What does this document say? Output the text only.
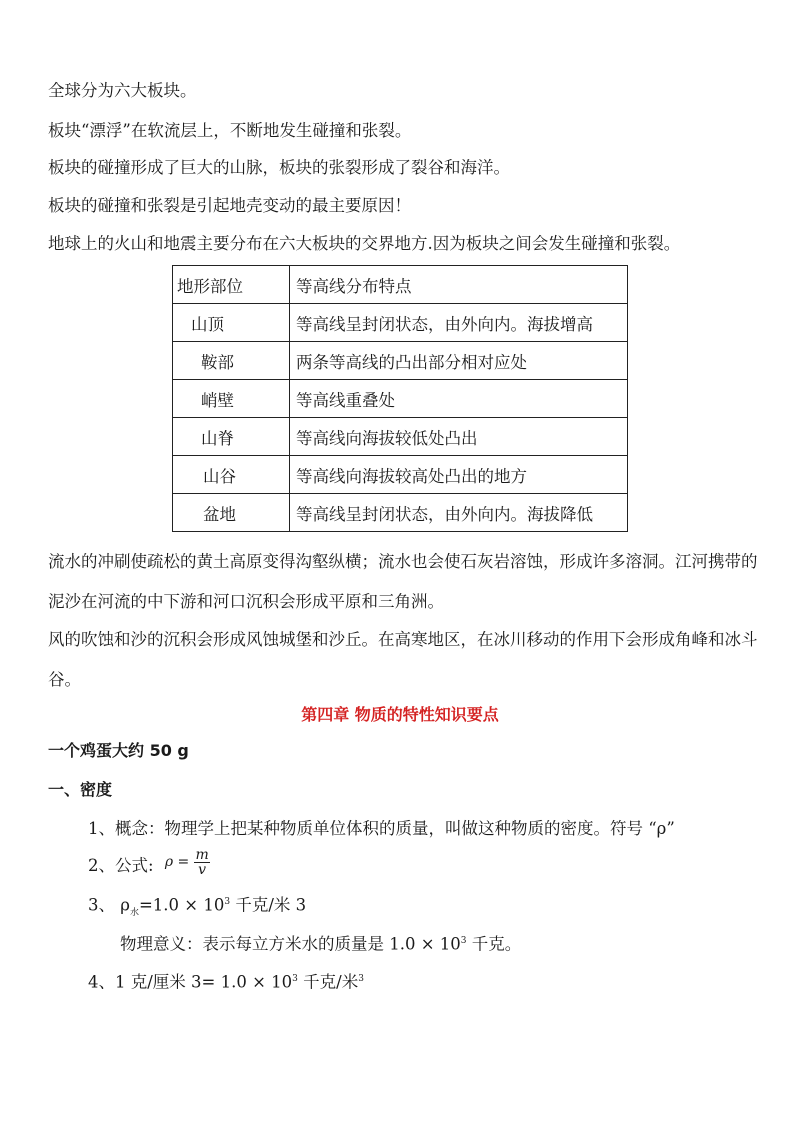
全球分为六大板块。
板块“漂浮”在软流层上，不断地发生碰撞和张裂。
板块的碰撞形成了巨大的山脉，板块的张裂形成了裂谷和海洋。
板块的碰撞和张裂是引起地壳变动的最主要原因！
地球上的火山和地震主要分布在六大板块的交界地方.因为板块之间会发生碰撞和张裂。
地形部位	等高线分布特点
山顶	等高线呈封闭状态，由外向内。海拔增高
鞍部	两条等高线的凸出部分相对应处
峭壁	等高线重叠处
山脊	等高线向海拔较低处凸出
山谷	等高线向海拔较高处凸出的地方
盆地	等高线呈封闭状态，由外向内。海拔降低
流水的冲刷使疏松的黄土高原变得沟壑纵横；流水也会使石灰岩溶蚀，形成许多溶洞。江河携带的泥沙在河流的中下游和河口沉积会形成平原和三角洲。
风的吹蚀和沙的沉积会形成风蚀城堡和沙丘。在高寒地区，在冰川移动的作用下会形成角峰和冰斗谷。
第四章 物质的特性知识要点
一个鸡蛋大约 50 g
一、密度
1、概念：物理学上把某种物质单位体积的质量，叫做这种物质的密度。符号 “ρ”
2、公式: $^{\rho =} \frac{m}{v}$
3、 $\rho_水=1.0 \times 10^3$ 千克/米 3
物理意义：表示每立方米水的质量是 $1.0 \times 10^3$ 千克。
4、1 克/厘米 $3= 1.0 \times 10^3$ 千克/米$^3$
